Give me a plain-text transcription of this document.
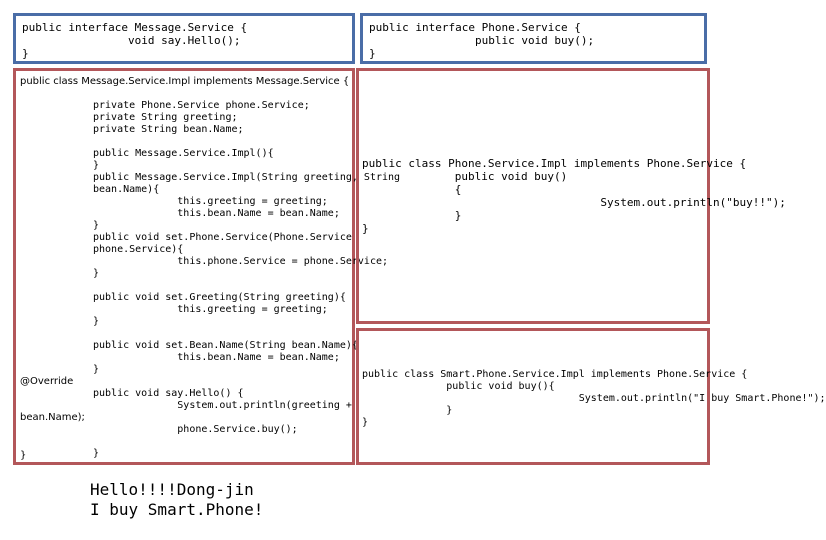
public interface Message.Service {
void say.Hello();
}
public interface Phone.Service {
public void buy();
}
public class Message.Service.Impl implements Message.Service {
private Phone.Service phone.Service;
private String greeting;
private String bean.Name;
public Message.Service.Impl(){
}
public Message.Service.Impl(String greeting, String
bean.Name){
this.greeting = greeting;
this.bean.Name = bean.Name;
}
public void set.Phone.Service(Phone.Service
phone.Service){
this.phone.Service = phone.Service;
}

public void set.Greeting(String greeting){
this.greeting = greeting;
}

public void set.Bean.Name(String bean.Name){
this.bean.Name = bean.Name;
}

public void say.Hello() {
System.out.println(greeting +

phone.Service.buy();

}
@Override
bean.Name);
}
public class Phone.Service.Impl implements Phone.Service {
public void buy()
{
System.out.println("buy!!");
}
}
public class Smart.Phone.Service.Impl implements Phone.Service {
public void buy(){
System.out.println("I buy Smart.Phone!");
}
}
Hello!!!!Dong-jin
I buy Smart.Phone!
